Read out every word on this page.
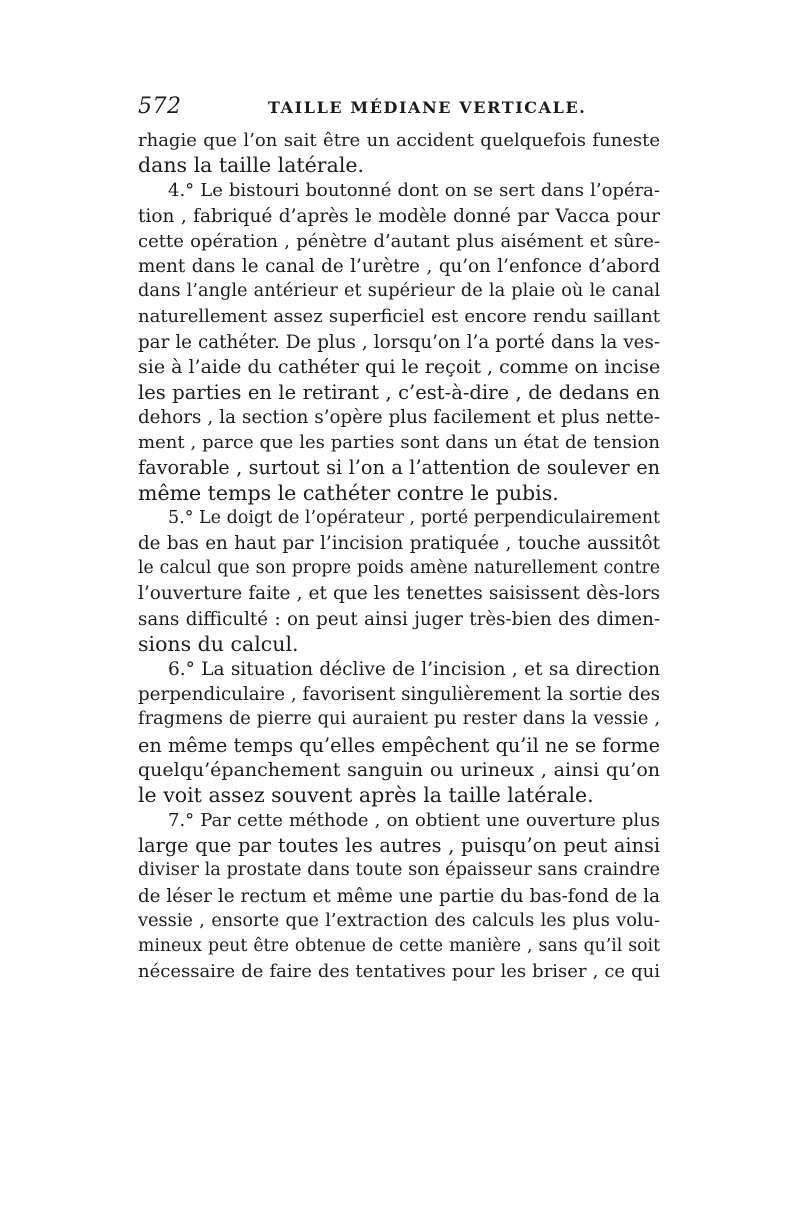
572	TAILLE MÉDIANE VERTICALE.
rhagie que l’on sait être un accident quelquefois funeste
dans la taille latérale.
4.° Le bistouri boutonné dont on se sert dans l’opéra-
tion , fabriqué d’après le modèle donné par Vacca pour
cette opération , pénètre d’autant plus aisément et sûre-
ment dans le canal de l’urètre , qu’on l’enfonce d’abord
dans l’angle antérieur et supérieur de la plaie où le canal
naturellement assez superficiel est encore rendu saillant
par le cathéter. De plus , lorsqu’on l’a porté dans la ves-
sie à l’aide du cathéter qui le reçoit , comme on incise
les parties en le retirant , c’est-à-dire , de dedans en
dehors , la section s’opère plus facilement et plus nette-
ment , parce que les parties sont dans un état de tension
favorable , surtout si l’on a l’attention de soulever en
même temps le cathéter contre le pubis.
5.° Le doigt de l’opérateur , porté perpendiculairement
de bas en haut par l’incision pratiquée , touche aussitôt
le calcul que son propre poids amène naturellement contre
l’ouverture faite , et que les tenettes saisissent dès-lors
sans difficulté : on peut ainsi juger très-bien des dimen-
sions du calcul.
6.° La situation déclive de l’incision , et sa direction
perpendiculaire , favorisent singulièrement la sortie des
fragmens de pierre qui auraient pu rester dans la vessie ,
en même temps qu’elles empêchent qu’il ne se forme
quelqu’épanchement sanguin ou urineux , ainsi qu’on
le voit assez souvent après la taille latérale.
7.° Par cette méthode , on obtient une ouverture plus
large que par toutes les autres , puisqu’on peut ainsi
diviser la prostate dans toute son épaisseur sans craindre
de léser le rectum et même une partie du bas-fond de la
vessie , ensorte que l’extraction des calculs les plus volu-
mineux peut être obtenue de cette manière , sans qu’il soit
nécessaire de faire des tentatives pour les briser , ce qui
